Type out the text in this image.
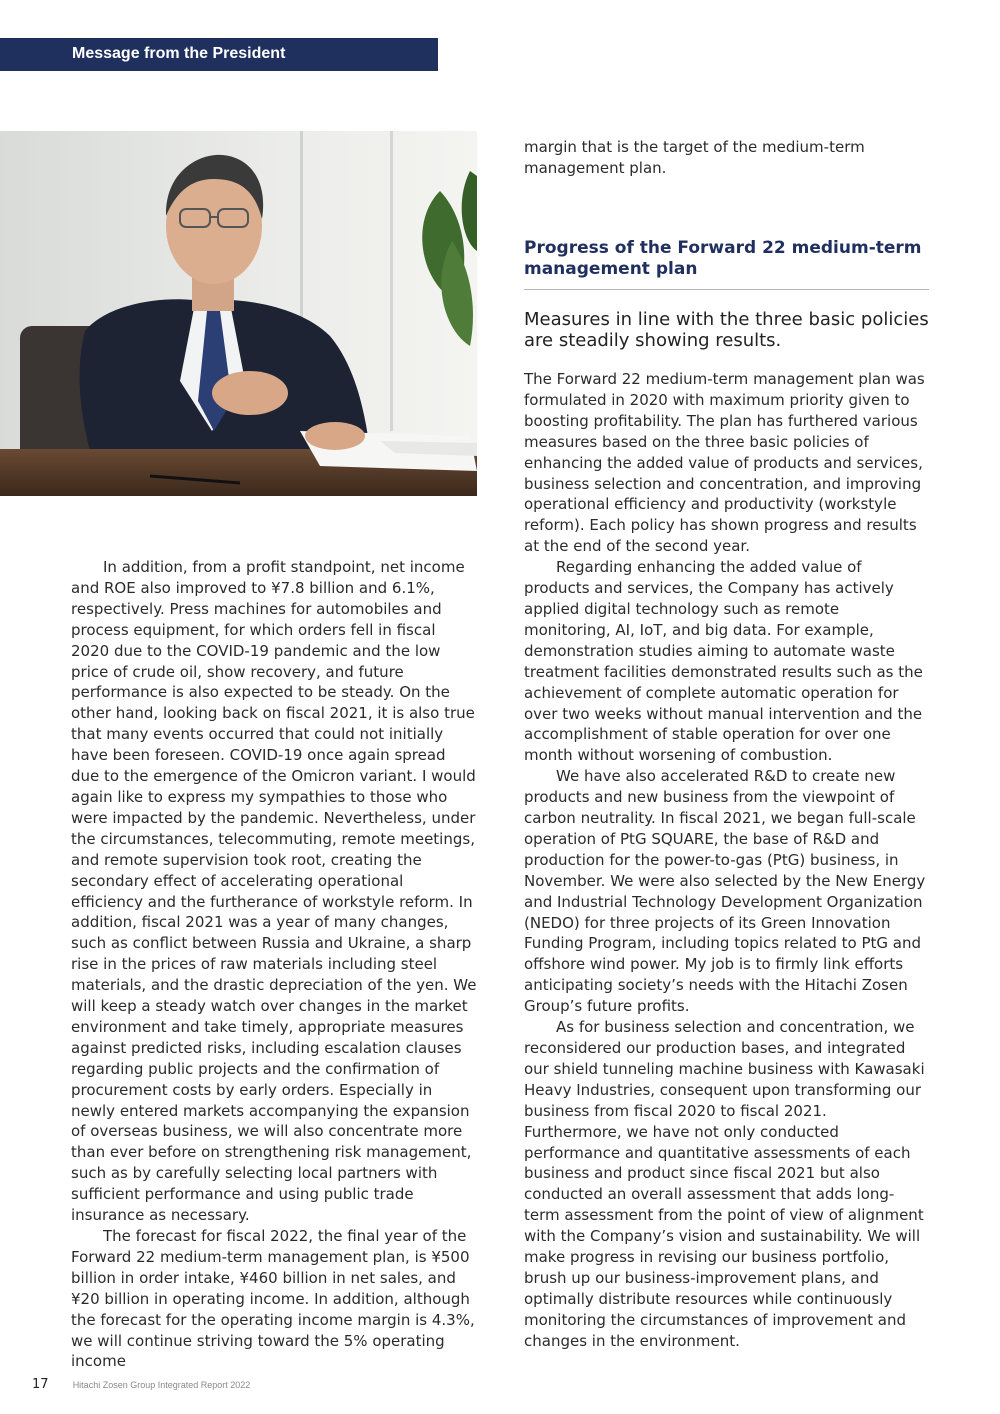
Message from the President

In addition, from a profit standpoint, net income and ROE also improved to ¥7.8 billion and 6.1%, respectively. Press machines for automobiles and process equipment, for which orders fell in fiscal 2020 due to the COVID-19 pandemic and the low price of crude oil, show recovery, and future performance is also expected to be steady. On the other hand, looking back on fiscal 2021, it is also true that many events occurred that could not initially have been foreseen. COVID-19 once again spread due to the emergence of the Omicron variant. I would again like to express my sympathies to those who were impacted by the pandemic. Nevertheless, under the circumstances, telecommuting, remote meetings, and remote supervision took root, creating the secondary effect of accelerating operational efficiency and the furtherance of workstyle reform. In addition, fiscal 2021 was a year of many changes, such as conflict between Russia and Ukraine, a sharp rise in the prices of raw materials including steel materials, and the drastic depreciation of the yen. We will keep a steady watch over changes in the market environment and take timely, appropriate measures against predicted risks, including escalation clauses regarding public projects and the confirmation of procurement costs by early orders. Especially in newly entered markets accompanying the expansion of overseas business, we will also concentrate more than ever before on strengthening risk management, such as by carefully selecting local partners with sufficient performance and using public trade insurance as necessary.

The forecast for fiscal 2022, the final year of the Forward 22 medium-term management plan, is ¥500 billion in order intake, ¥460 billion in net sales, and ¥20 billion in operating income. In addition, although the forecast for the operating income margin is 4.3%, we will continue striving toward the 5% operating income

margin that is the target of the medium-term management plan.

Progress of the Forward 22 medium-term management plan
Measures in line with the three basic policies are steadily showing results.

The Forward 22 medium-term management plan was formulated in 2020 with maximum priority given to boosting profitability. The plan has furthered various measures based on the three basic policies of enhancing the added value of products and services, business selection and concentration, and improving operational efficiency and productivity (workstyle reform). Each policy has shown progress and results at the end of the second year.

Regarding enhancing the added value of products and services, the Company has actively applied digital technology such as remote monitoring, AI, IoT, and big data. For example, demonstration studies aiming to automate waste treatment facilities demonstrated results such as the achievement of complete automatic operation for over two weeks without manual intervention and the accomplishment of stable operation for over one month without worsening of combustion.

We have also accelerated R&D to create new products and new business from the viewpoint of carbon neutrality. In fiscal 2021, we began full-scale operation of PtG SQUARE, the base of R&D and production for the power-to-gas (PtG) business, in November. We were also selected by the New Energy and Industrial Technology Development Organization (NEDO) for three projects of its Green Innovation Funding Program, including topics related to PtG and offshore wind power. My job is to firmly link efforts anticipating society’s needs with the Hitachi Zosen Group’s future profits.

As for business selection and concentration, we reconsidered our production bases, and integrated our shield tunneling machine business with Kawasaki Heavy Industries, consequent upon transforming our business from fiscal 2020 to fiscal 2021. Furthermore, we have not only conducted performance and quantitative assessments of each business and product since fiscal 2021 but also conducted an overall assessment that adds long-term assessment from the point of view of alignment with the Company’s vision and sustainability. We will make progress in revising our business portfolio, brush up our business-improvement plans, and optimally distribute resources while continuously monitoring the circumstances of improvement and changes in the environment.

17	Hitachi Zosen Group Integrated Report 2022
